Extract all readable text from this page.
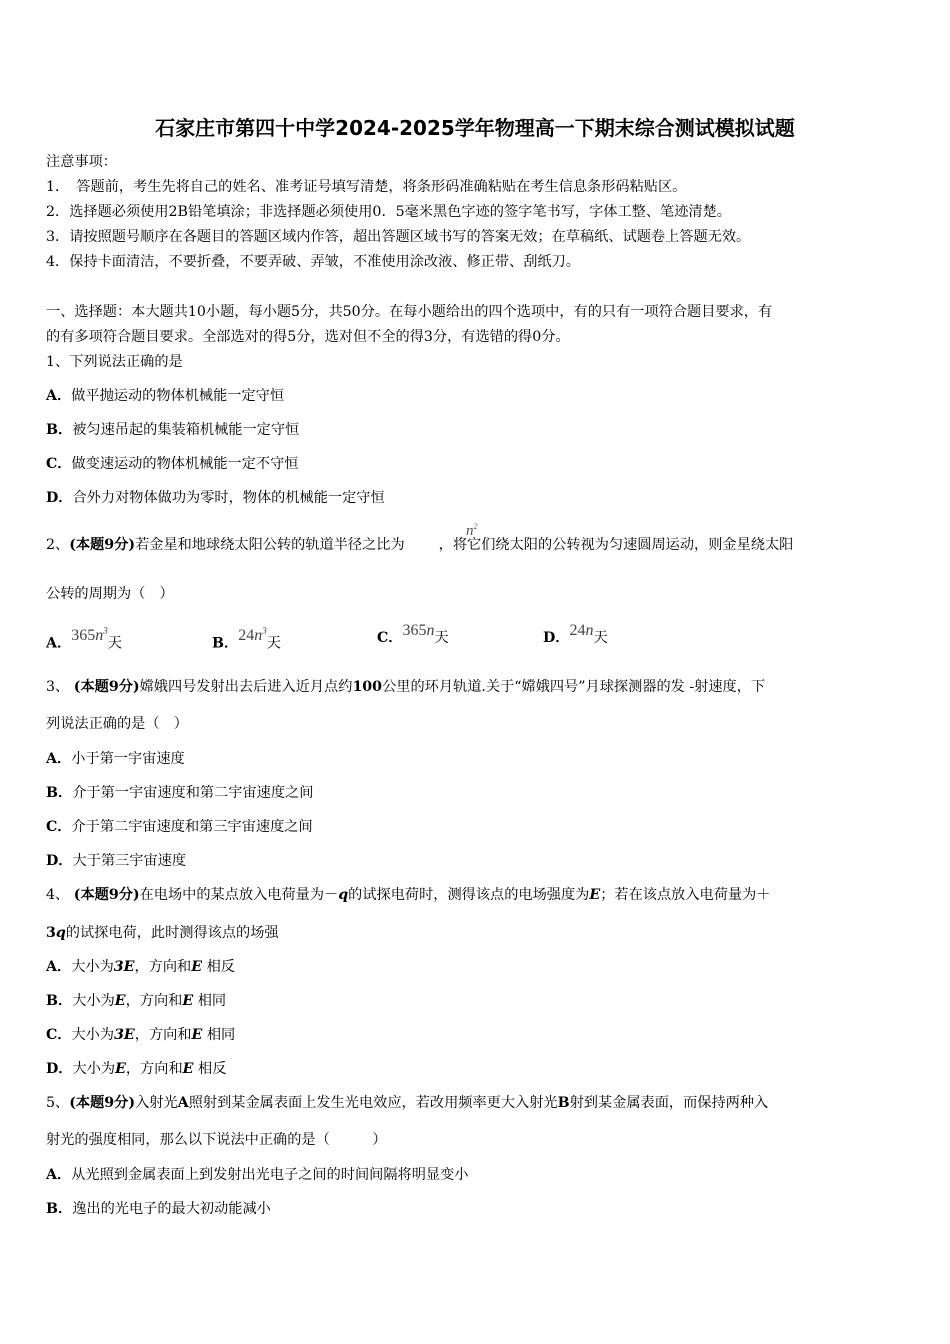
石家庄市第四十中学2024-2025学年物理高一下期末综合测试模拟试题
注意事项：
1．　答题前，考生先将自己的姓名、准考证号填写清楚，将条形码准确粘贴在考生信息条形码粘贴区。
2．选择题必须使用2B铅笔填涂；非选择题必须使用0．5毫米黑色字迹的签字笔书写，字体工整、笔迹清楚。
3．请按照题号顺序在各题目的答题区域内作答，超出答题区域书写的答案无效；在草稿纸、试题卷上答题无效。
4．保持卡面清洁，不要折叠，不要弄破、弄皱，不准使用涂改液、修正带、刮纸刀。
一、选择题：本大题共10小题，每小题5分，共50分。在每小题给出的四个选项中，有的只有一项符合题目要求，有
的有多项符合题目要求。全部选对的得5分，选对但不全的得3分，有选错的得0分。
1、下列说法正确的是
A．做平抛运动的物体机械能一定守恒
B．被匀速吊起的集装箱机械能一定守恒
C．做变速运动的物体机械能一定不守恒
D．合外力对物体做功为零时，物体的机械能一定守恒
2、(本题9分)若金星和地球绕太阳公转的轨道半径之比为 ，将它们绕太阳的公转视为匀速圆周运动，则金星绕太阳
$n^2$
公转的周期为（　）
A．$365n^3$天	B．$24n^3$天	C．365n天	D．24n天
3、 (本题9分)嫦娥四号发射出去后进入近月点约100公里的环月轨道.关于“嫦娥四号”月球探测器的发 -射速度，下
列说法正确的是（　）
A．小于第一宇宙速度
B．介于第一宇宙速度和第二宇宙速度之间
C．介于第二宇宙速度和第三宇宙速度之间
D．大于第三宇宙速度
4、 (本题9分)在电场中的某点放入电荷量为－q的试探电荷时，测得该点的电场强度为E；若在该点放入电荷量为＋
3q的试探电荷，此时测得该点的场强
A．大小为3E，方向和E 相反
B．大小为E，方向和E 相同
C．大小为3E，方向和E 相同
D．大小为E，方向和E 相反
5、(本题9分)入射光A照射到某金属表面上发生光电效应，若改用频率更大入射光B射到某金属表面，而保持两种入
射光的强度相同，那么以下说法中正确的是（　　　）
A．从光照到金属表面上到发射出光电子之间的时间间隔将明显变小
B．逸出的光电子的最大初动能减小
